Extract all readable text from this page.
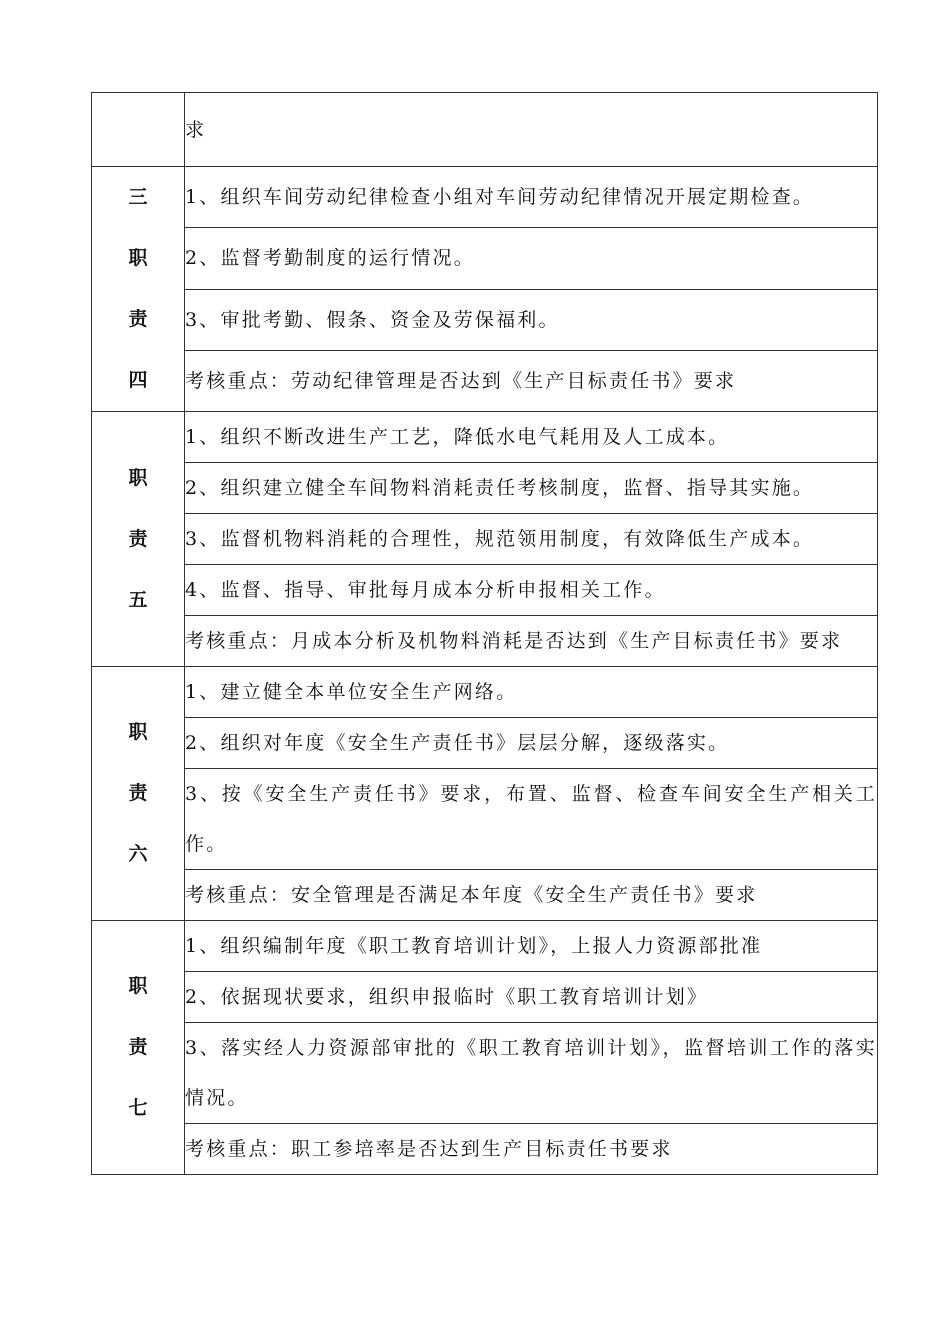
	求

三
职
责
四	1、组织车间劳动纪律检查小组对车间劳动纪律情况开展定期检查。
	2、监督考勤制度的运行情况。
	3、审批考勤、假条、资金及劳保福利。
	考核重点：劳动纪律管理是否达到《生产目标责任书》要求

职
责
五	1、组织不断改进生产工艺，降低水电气耗用及人工成本。
	2、组织建立健全车间物料消耗责任考核制度，监督、指导其实施。
	3、监督机物料消耗的合理性，规范领用制度，有效降低生产成本。
	4、监督、指导、审批每月成本分析申报相关工作。
	考核重点：月成本分析及机物料消耗是否达到《生产目标责任书》要求

职
责
六	1、建立健全本单位安全生产网络。
	2、组织对年度《安全生产责任书》层层分解，逐级落实。
	3、按《安全生产责任书》要求，布置、监督、检查车间安全生产相关工作。
	考核重点：安全管理是否满足本年度《安全生产责任书》要求

职
责
七	1、组织编制年度《职工教育培训计划》，上报人力资源部批准
	2、依据现状要求，组织申报临时《职工教育培训计划》
	3、落实经人力资源部审批的《职工教育培训计划》，监督培训工作的落实情况。
	考核重点：职工参培率是否达到生产目标责任书要求
